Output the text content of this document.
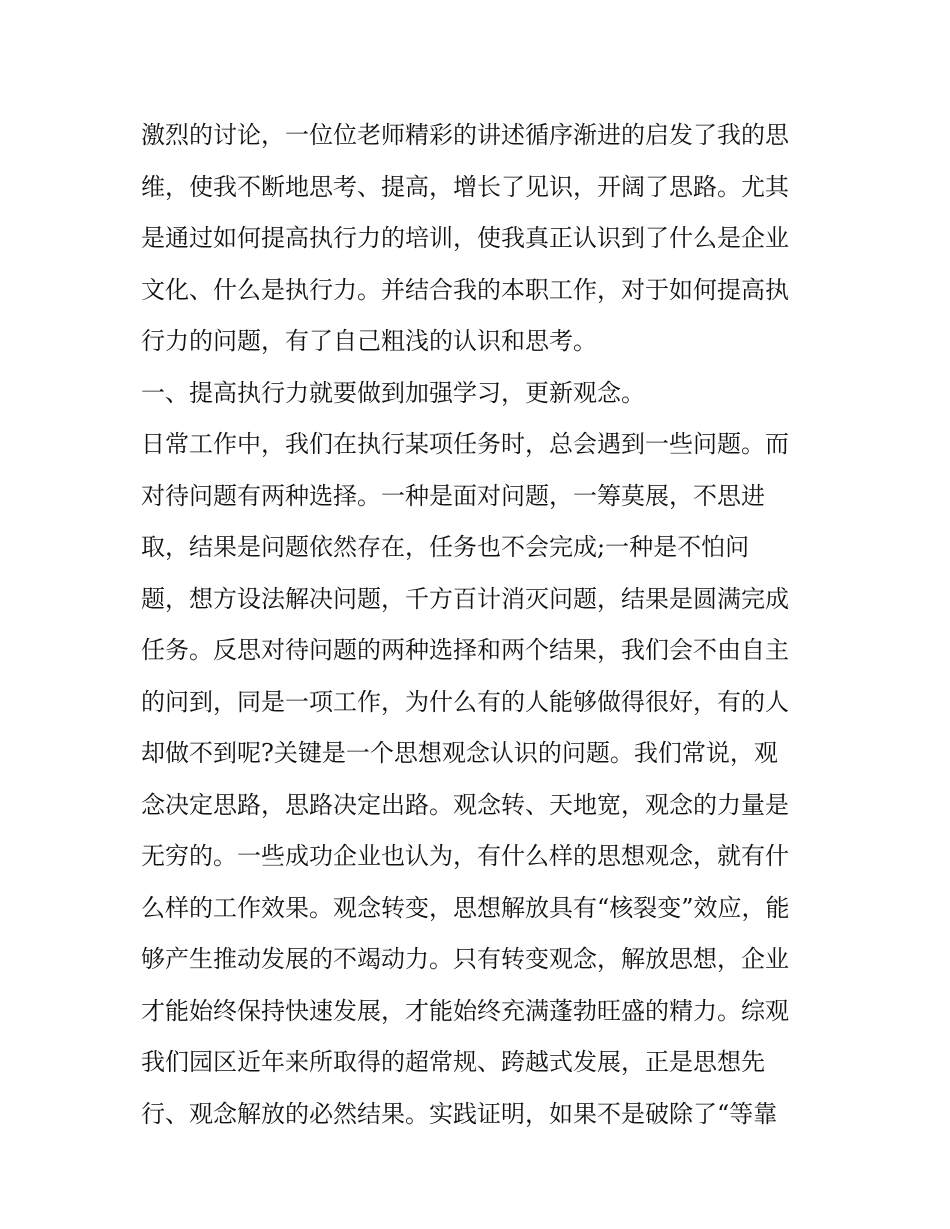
激烈的讨论，一位位老师精彩的讲述循序渐进的启发了我的思

维，使我不断地思考、提高，增长了见识，开阔了思路。尤其

是通过如何提高执行力的培训，使我真正认识到了什么是企业

文化、什么是执行力。并结合我的本职工作，对于如何提高执

行力的问题，有了自己粗浅的认识和思考。

一、提高执行力就要做到加强学习，更新观念。

日常工作中，我们在执行某项任务时，总会遇到一些问题。而

对待问题有两种选择。一种是面对问题，一筹莫展，不思进

取，结果是问题依然存在，任务也不会完成;一种是不怕问

题，想方设法解决问题，千方百计消灭问题，结果是圆满完成

任务。反思对待问题的两种选择和两个结果，我们会不由自主

的问到，同是一项工作，为什么有的人能够做得很好，有的人

却做不到呢?关键是一个思想观念认识的问题。我们常说，观

念决定思路，思路决定出路。观念转、天地宽，观念的力量是

无穷的。一些成功企业也认为，有什么样的思想观念，就有什

么样的工作效果。观念转变，思想解放具有“核裂变”效应，能

够产生推动发展的不竭动力。只有转变观念，解放思想，企业

才能始终保持快速发展，才能始终充满蓬勃旺盛的精力。综观

我们园区近年来所取得的超常规、跨越式发展，正是思想先

行、观念解放的必然结果。实践证明，如果不是破除了“等靠
